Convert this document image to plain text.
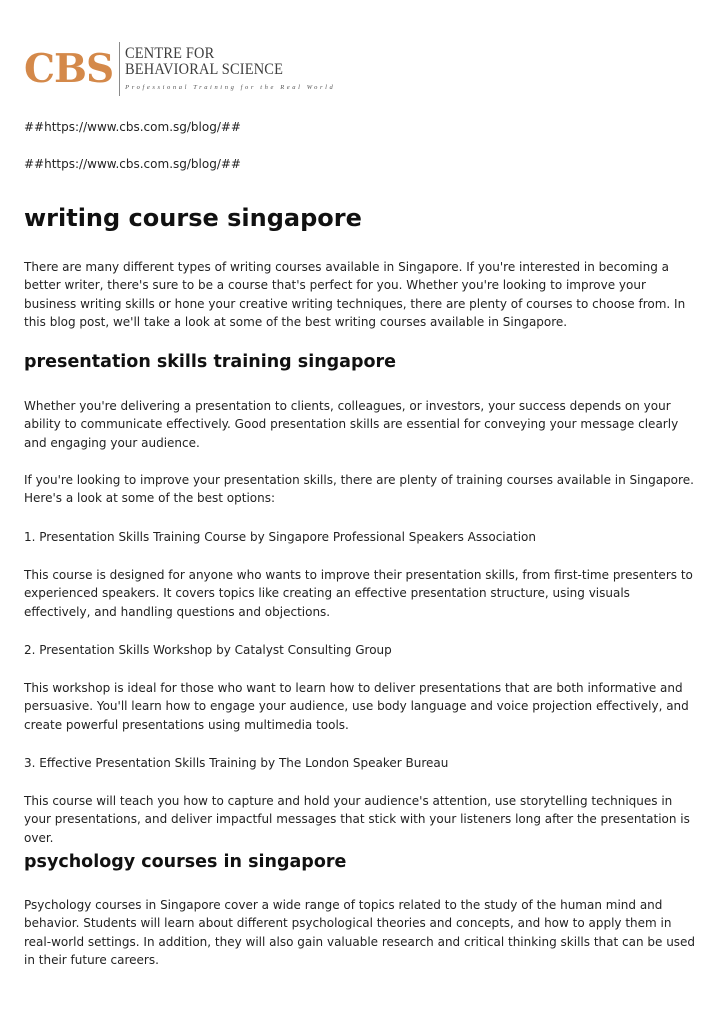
CBS CENTRE FOR
BEHAVIORAL SCIENCE
Professional Training for the Real World
##https://www.cbs.com.sg/blog/##
##https://www.cbs.com.sg/blog/##
writing course singapore

There are many different types of writing courses available in Singapore. If you're interested in becoming a better writer, there's sure to be a course that's perfect for you. Whether you're looking to improve your business writing skills or hone your creative writing techniques, there are plenty of courses to choose from. In this blog post, we'll take a look at some of the best writing courses available in Singapore.

presentation skills training singapore

Whether you're delivering a presentation to clients, colleagues, or investors, your success depends on your ability to communicate effectively. Good presentation skills are essential for conveying your message clearly and engaging your audience.

If you're looking to improve your presentation skills, there are plenty of training courses available in Singapore. Here's a look at some of the best options:

1. Presentation Skills Training Course by Singapore Professional Speakers Association

This course is designed for anyone who wants to improve their presentation skills, from first-time presenters to experienced speakers. It covers topics like creating an effective presentation structure, using visuals effectively, and handling questions and objections.

2. Presentation Skills Workshop by Catalyst Consulting Group

This workshop is ideal for those who want to learn how to deliver presentations that are both informative and persuasive. You'll learn how to engage your audience, use body language and voice projection effectively, and create powerful presentations using multimedia tools.

3. Effective Presentation Skills Training by The London Speaker Bureau

This course will teach you how to capture and hold your audience's attention, use storytelling techniques in your presentations, and deliver impactful messages that stick with your listeners long after the presentation is over.

psychology courses in singapore

Psychology courses in Singapore cover a wide range of topics related to the study of the human mind and behavior. Students will learn about different psychological theories and concepts, and how to apply them in real-world settings. In addition, they will also gain valuable research and critical thinking skills that can be used in their future careers.
